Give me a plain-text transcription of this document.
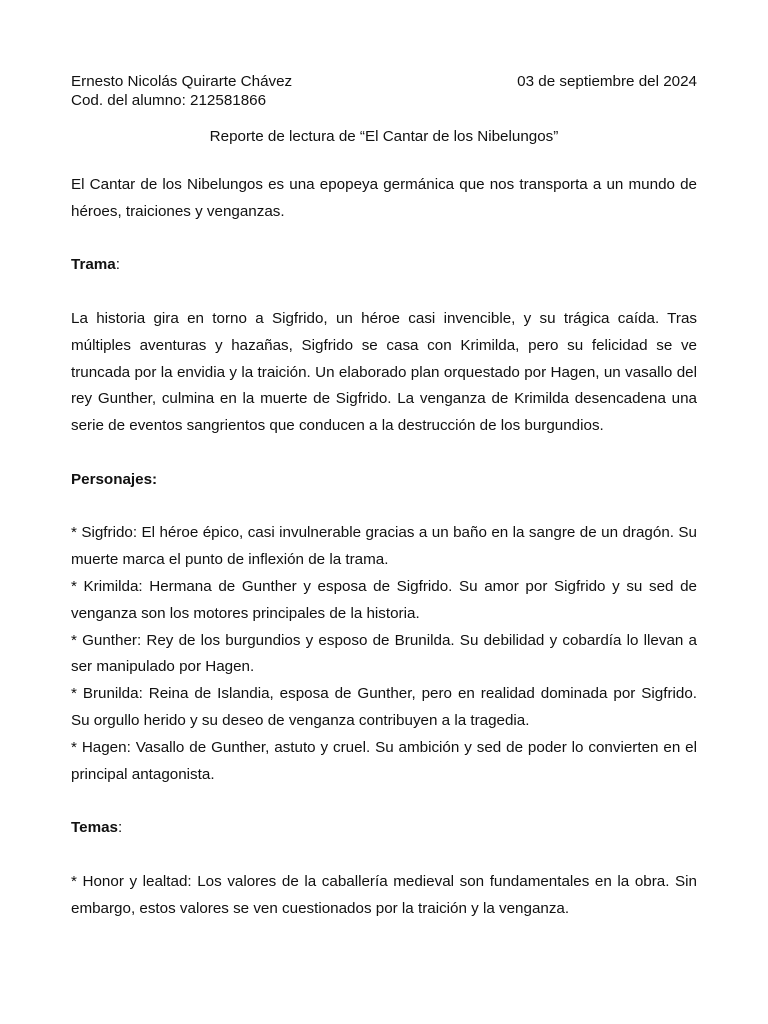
Ernesto Nicolás Quirarte Chávez	03 de septiembre del 2024
Cod. del alumno: 212581866
Reporte de lectura de “El Cantar de los Nibelungos”

El Cantar de los Nibelungos es una epopeya germánica que nos transporta a un mundo de héroes, traiciones y venganzas.

Trama:

La historia gira en torno a Sigfrido, un héroe casi invencible, y su trágica caída. Tras múltiples aventuras y hazañas, Sigfrido se casa con Krimilda, pero su felicidad se ve truncada por la envidia y la traición. Un elaborado plan orquestado por Hagen, un vasallo del rey Gunther, culmina en la muerte de Sigfrido. La venganza de Krimilda desencadena una serie de eventos sangrientos que conducen a la destrucción de los burgundios.

Personajes:

* Sigfrido: El héroe épico, casi invulnerable gracias a un baño en la sangre de un dragón. Su muerte marca el punto de inflexión de la trama.

* Krimilda: Hermana de Gunther y esposa de Sigfrido. Su amor por Sigfrido y su sed de venganza son los motores principales de la historia.

* Gunther: Rey de los burgundios y esposo de Brunilda. Su debilidad y cobardía lo llevan a ser manipulado por Hagen.

* Brunilda: Reina de Islandia, esposa de Gunther, pero en realidad dominada por Sigfrido. Su orgullo herido y su deseo de venganza contribuyen a la tragedia.

* Hagen: Vasallo de Gunther, astuto y cruel. Su ambición y sed de poder lo convierten en el principal antagonista.

Temas:

* Honor y lealtad: Los valores de la caballería medieval son fundamentales en la obra. Sin embargo, estos valores se ven cuestionados por la traición y la venganza.
